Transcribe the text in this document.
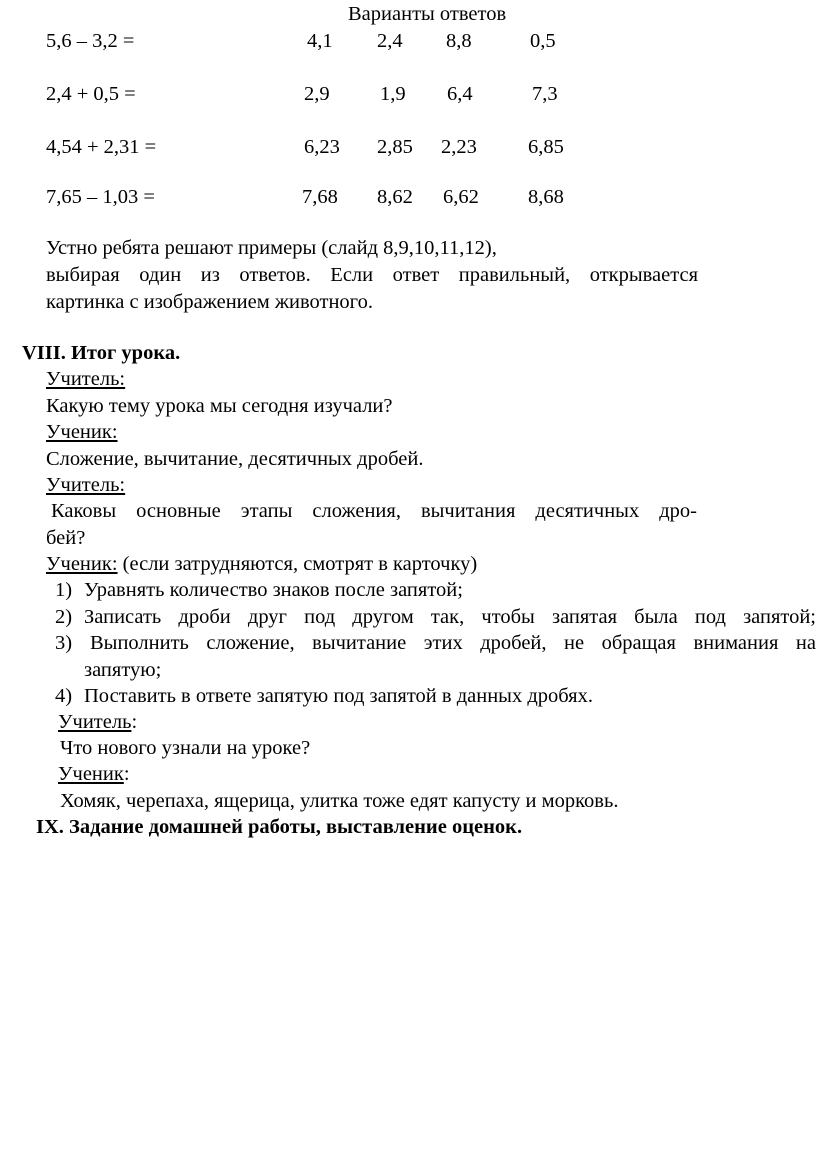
Варианты ответов
5,6 – 3,2 =	4,1 2,4 8,8	0,5
2,4 + 0,5 =	2,9 1,9 6,4	7,3
4,54 + 2,31 =	6,23 2,85 2,23 6,85
7,65 – 1,03 =	7,68 8,62 6,62 8,68
Устно ребята решают примеры (слайд 8,9,10,11,12),
выбирая один из ответов. Если ответ правильный, открывается
картинка с изображением животного.
VIII. Итог урока.
Учитель:
Какую тему урока мы сегодня изучали?
Ученик:
Сложение, вычитание, десятичных дробей.
Учитель:
Каковы основные этапы сложения, вычитания десятичных дро-
бей?
Ученик: (если затрудняются, смотрят в карточку)
1) Уравнять количество знаков после запятой;
2) Записать дроби друг под другом так, чтобы запятая была под запятой;
3) Выполнить сложение, вычитание этих дробей, не обращая внимания на
запятую;
4) Поставить в ответе запятую под запятой в данных дробях.
Учитель:
Что нового узнали на уроке?
Ученик:
Хомяк, черепаха, ящерица, улитка тоже едят капусту и морковь.
IX. Задание домашней работы, выставление оценок.
